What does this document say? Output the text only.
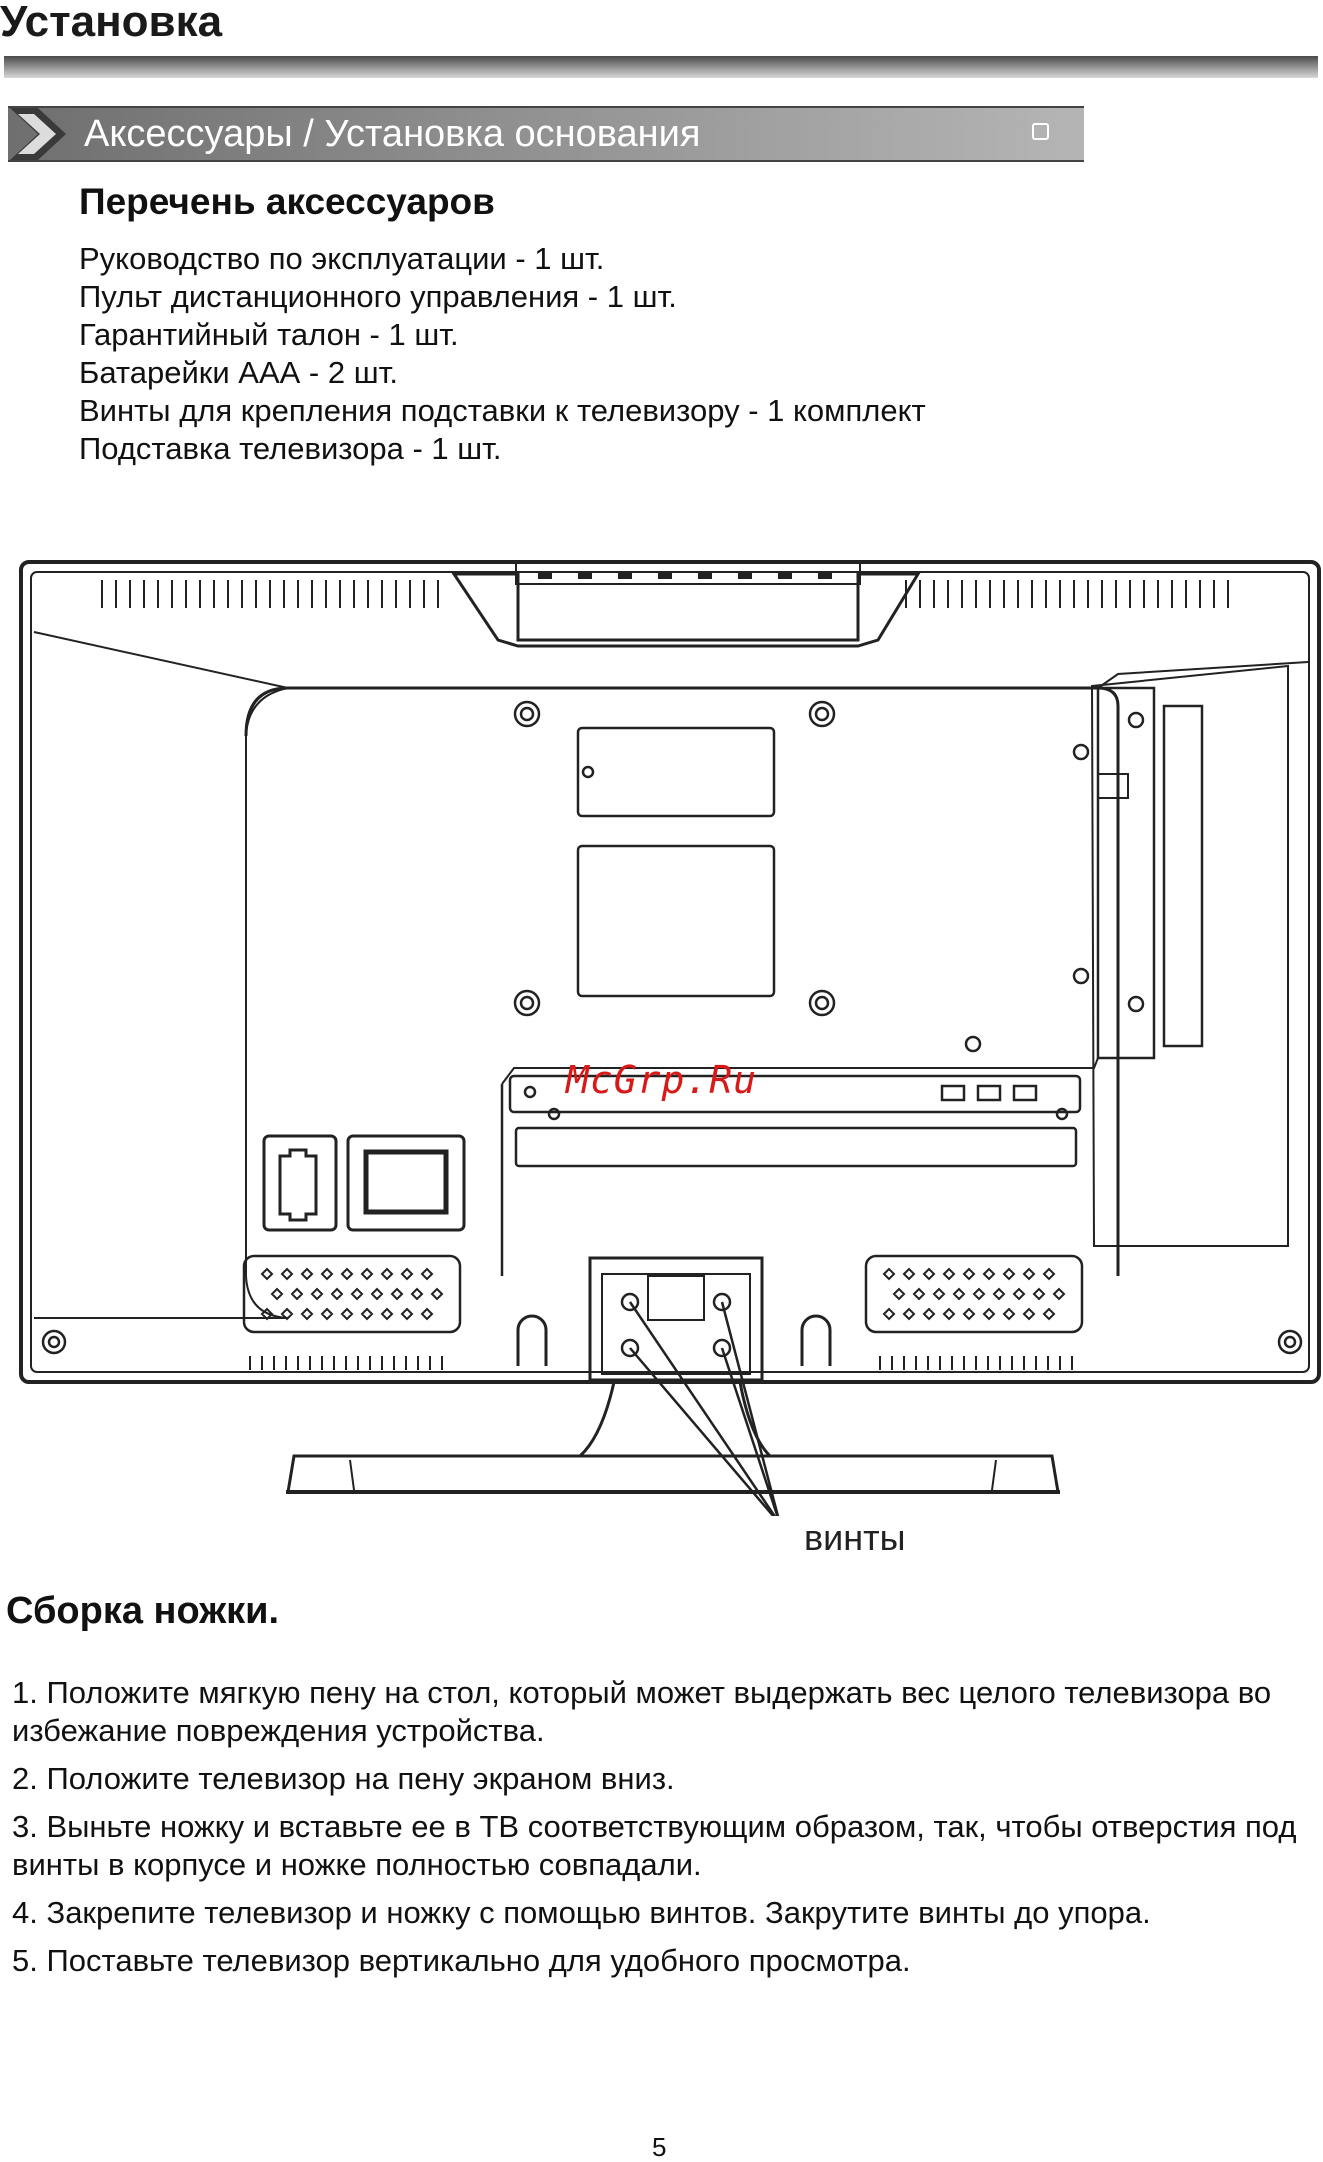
Установка
Аксессуары / Установка основания
Перечень аксессуаров
Руководство по эксплуатации - 1 шт.
Пульт дистанционного управления - 1 шт.
Гарантийный талон - 1 шт.
Батарейки ААА - 2 шт.
Винты для крепления подставки к телевизору - 1 комплект
Подставка телевизора - 1 шт.
McGrp.Ru
винты
Сборка ножки.

1. Положите мягкую пену на стол, который может выдержать вес целого телевизора во избежание повреждения устройства.

2. Положите телевизор на пену экраном вниз.

3. Выньте ножку и вставьте ее в ТВ соответствующим образом, так, чтобы отверстия под винты в корпусе и ножке полностью совпадали.

4. Закрепите телевизор и ножку с помощью винтов. Закрутите винты до упора.

5. Поставьте телевизор вертикально для удобного просмотра.

5
